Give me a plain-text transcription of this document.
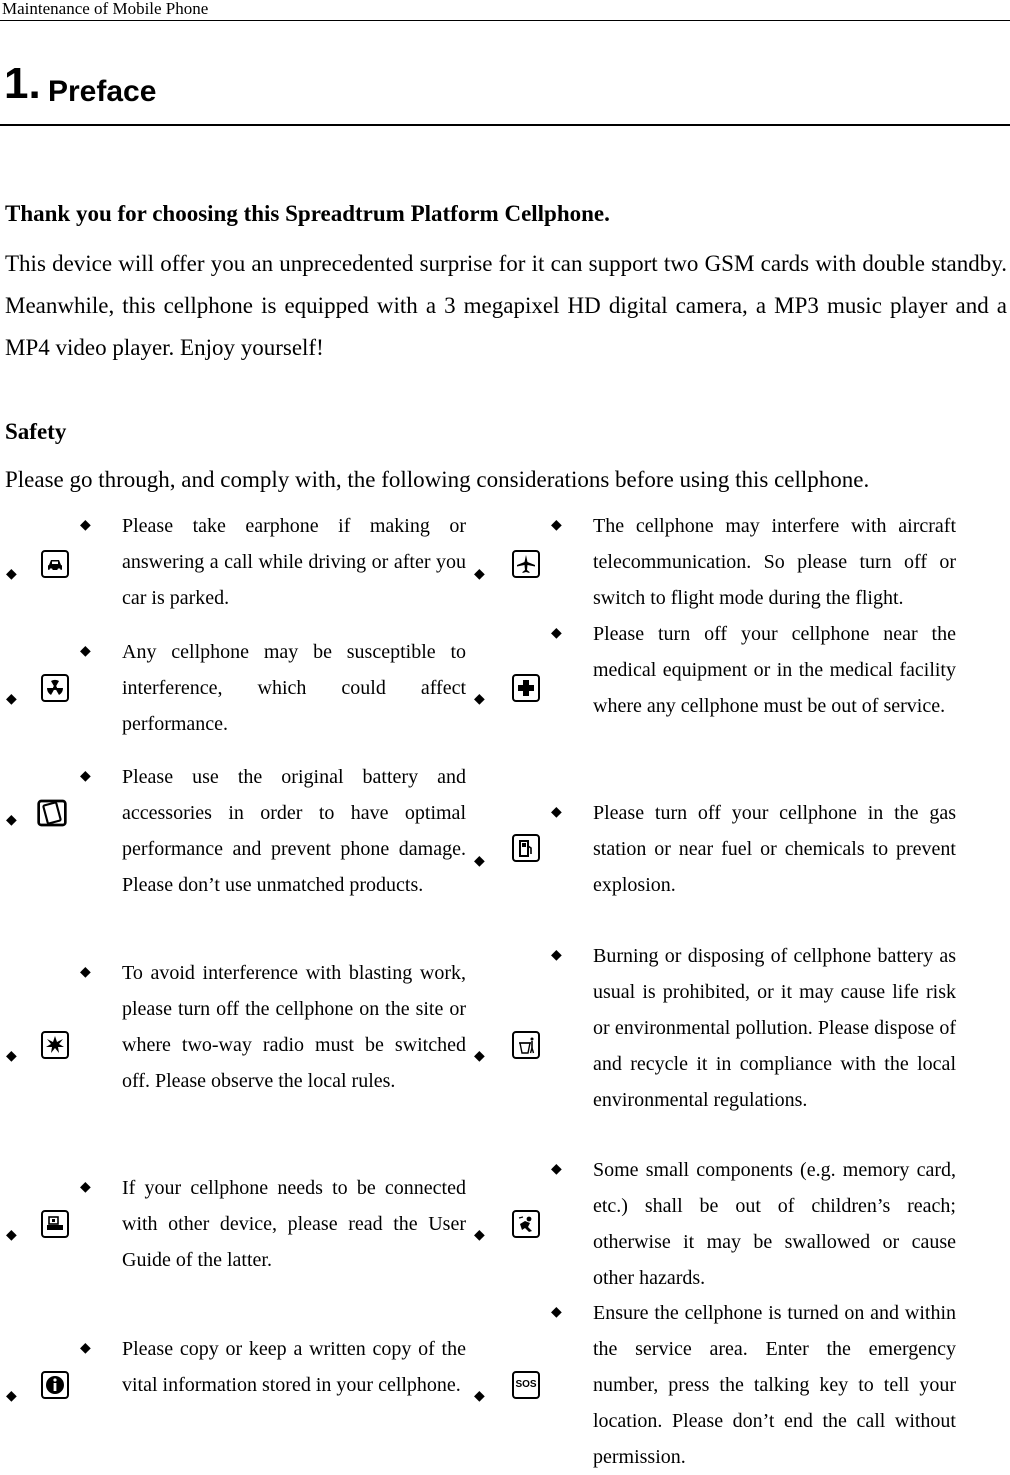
Maintenance of Mobile Phone
1. Preface
Thank you for choosing this Spreadtrum Platform Cellphone.
This device will offer you an unprecedented surprise for it can support two GSM cards with double standby. Meanwhile, this cellphone is equipped with a 3 megapixel HD digital camera, a MP3 music player and a MP4 video player. Enjoy yourself!
Safety
Please go through, and comply with, the following considerations before using this cellphone.
◆
◆ Please take earphone if making or answering a call while driving or after you car is parked.
◆
◆ Any cellphone may be susceptible to interference, which could affect performance.
◆
◆ Please use the original battery and accessories in order to have optimal performance and prevent phone damage. Please don’t use unmatched products.
◆
◆ To avoid interference with blasting work, please turn off the cellphone on the site or where two-way radio must be switched off. Please observe the local rules.
◆
◆ If your cellphone needs to be connected with other device, please read the User Guide of the latter.
◆
◆ Please copy or keep a written copy of the vital information stored in your cellphone.
◆
◆ The cellphone may interfere with aircraft telecommunication. So please turn off or switch to flight mode during the flight.
◆
◆ Please turn off your cellphone near the medical equipment or in the medical facility where any cellphone must be out of service.
◆
◆ Please turn off your cellphone in the gas station or near fuel or chemicals to prevent explosion.
◆
◆ Burning or disposing of cellphone battery as usual is prohibited, or it may cause life risk or environmental pollution. Please dispose of and recycle it in compliance with the local environmental regulations.
◆
◆ Some small components (e.g. memory card, etc.) shall be out of children’s reach; otherwise it may be swallowed or cause other hazards.
◆
SOS
◆ Ensure the cellphone is turned on and within the service area. Enter the emergency number, press the talking key to tell your location. Please don’t end the call without permission.
